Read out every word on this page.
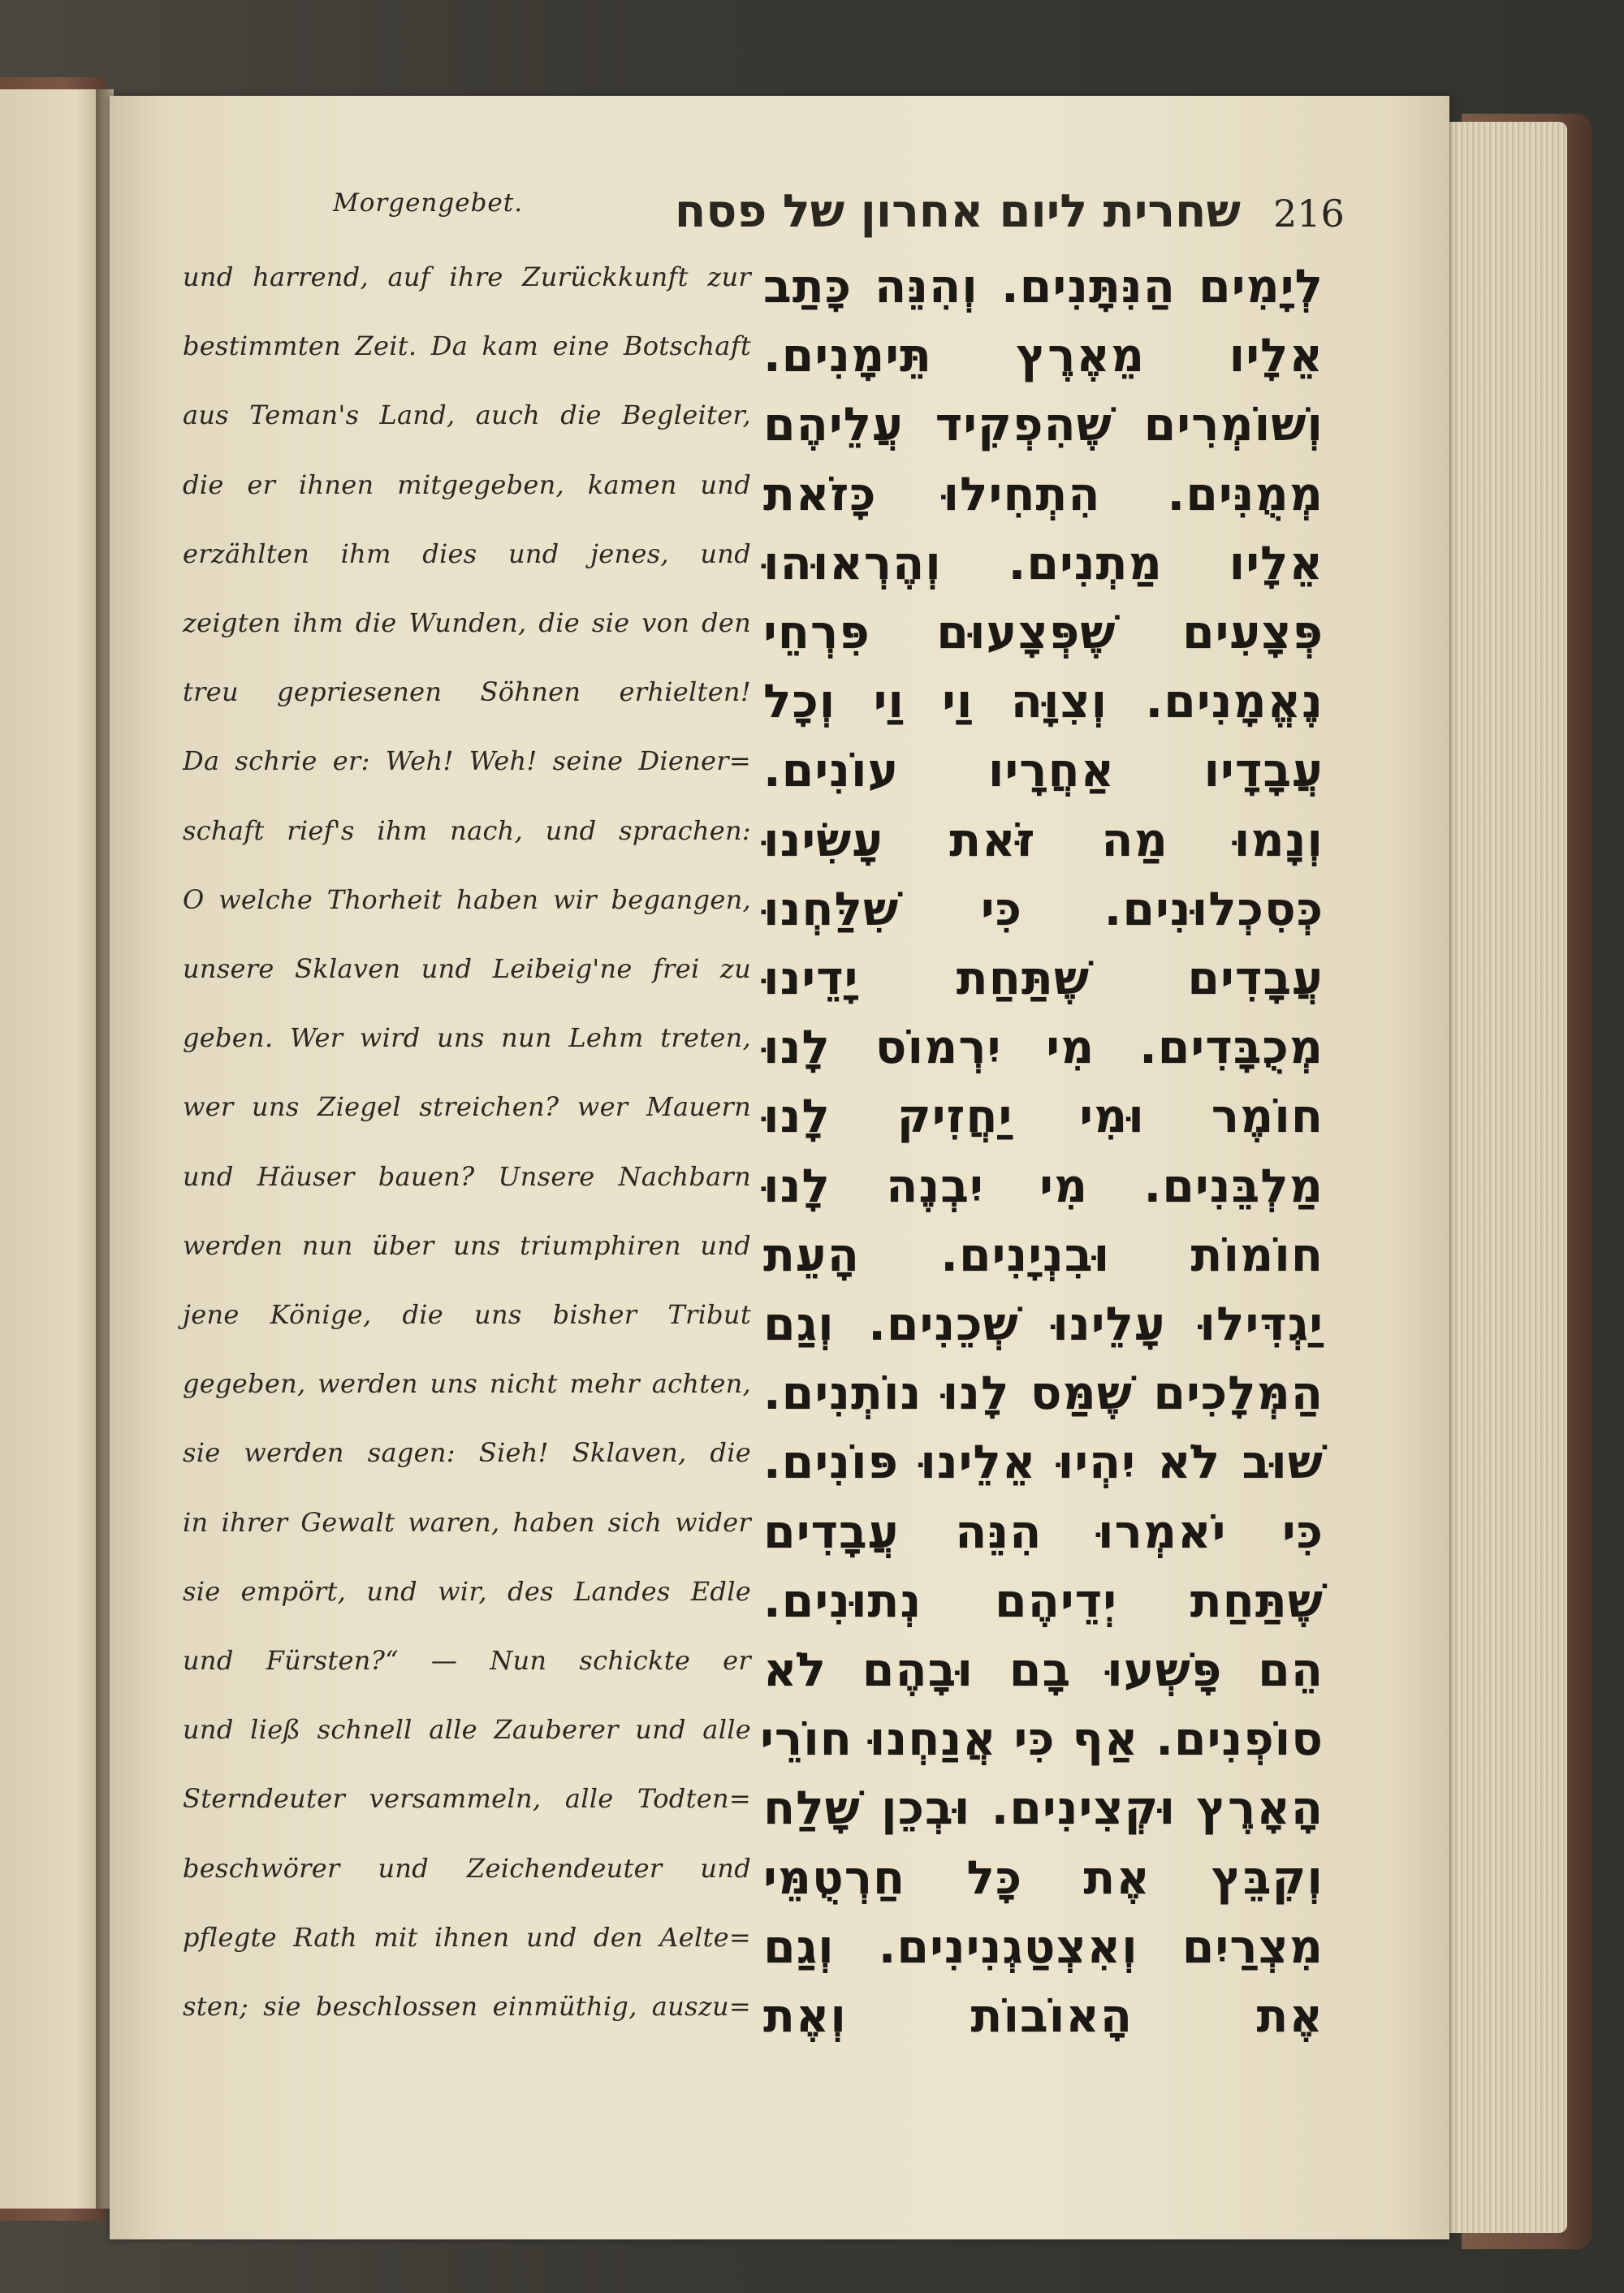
Morgengebet.	שחרית ליום אחרון של פסח 216
und harrend, auf ihre Zurückkunft zur
bestimmten Zeit. Da kam eine Botschaft
aus Teman's Land, auch die Begleiter,
die er ihnen mitgegeben, kamen und
erzählten ihm dies und jenes, und
zeigten ihm die Wunden, die sie von den
treu gepriesenen Söhnen erhielten!
Da schrie er: Weh! Weh! seine Diener=
schaft rief's ihm nach, und sprachen:
O welche Thorheit haben wir begangen,
unsere Sklaven und Leibeig'ne frei zu
geben. Wer wird uns nun Lehm treten,
wer uns Ziegel streichen? wer Mauern
und Häuser bauen? Unsere Nachbarn
werden nun über uns triumphiren und
jene Könige, die uns bisher Tribut
gegeben, werden uns nicht mehr achten,
sie werden sagen: Sieh! Sklaven, die
in ihrer Gewalt waren, haben sich wider
sie empört, und wir, des Landes Edle
und Fürsten?“ — Nun schickte er
und ließ schnell alle Zauberer und alle
Sterndeuter versammeln, alle Todten=
beschwörer und Zeichendeuter und
pflegte Rath mit ihnen und den Aelte=
sten; sie beschlossen einmüthig, auszu=
לְיָמִים הַנִּתָּנִים. וְהִנֵּה כָּתַב
אֵלָיו מֵאֶרֶץ תֵּימָנִים.
וְשׁוֹמְרִים שֶׁהִפְקִיד עֲלֵיהֶם
מְמֻנִּים. הִתְחִילוּ כָּזֹאת
אֵלָיו מַתְנִים. וְהֶרְאוּהוּ
פְּצָעִים שֶׁפְּצָעוּם פִּרְחֵי
נֶאֱמָנִים. וְצִוָּה וַי וַי וְכָל
עֲבָדָיו אַחֲרָיו עוֹנִים.
וְנָמוּ מַה זֹּאת עָשִׂינוּ
כְּסִכְלוּנִים. כִּי שִׁלַּחְנוּ
עֲבָדִים שֶׁתַּחַת יָדֵינוּ
מְכֻבָּדִים. מִי יִרְמוֹס לָנוּ
חוֹמֶר וּמִי יַחֲזִיק לָנוּ
מַלְבֵּנִים. מִי יִבְנֶה לָנוּ
חוֹמוֹת וּבִנְיָנִים. הָעֵת
יַגְדִּילוּ עָלֵינוּ שְׁכֵנִים. וְגַם
הַמְּלָכִים שֶׁמַּס לָנוּ נוֹתְנִים.
שׁוּב לֹא יִהְיוּ אֵלֵינוּ פּוֹנִים.
כִּי יֹאמְרוּ הִנֵּה עֲבָדִים
שֶׁתַּחַת יְדֵיהֶם נְתוּנִים.
הֵם פָּשְׁעוּ בָם וּבָהֶם לֹא
סוֹפְנִים. אַף כִּי אֲנַחְנוּ חוֹרֵי
הָאָרֶץ וּקְצִינִים. וּבְכֵן שָׁלַח
וְקִבֵּץ אֶת כָּל חַרְטֻמֵּי
מִצְרַיִם וְאִצְטַגְנִינִים. וְגַם
אֶת הָאוֹבוֹת וְאֶת
